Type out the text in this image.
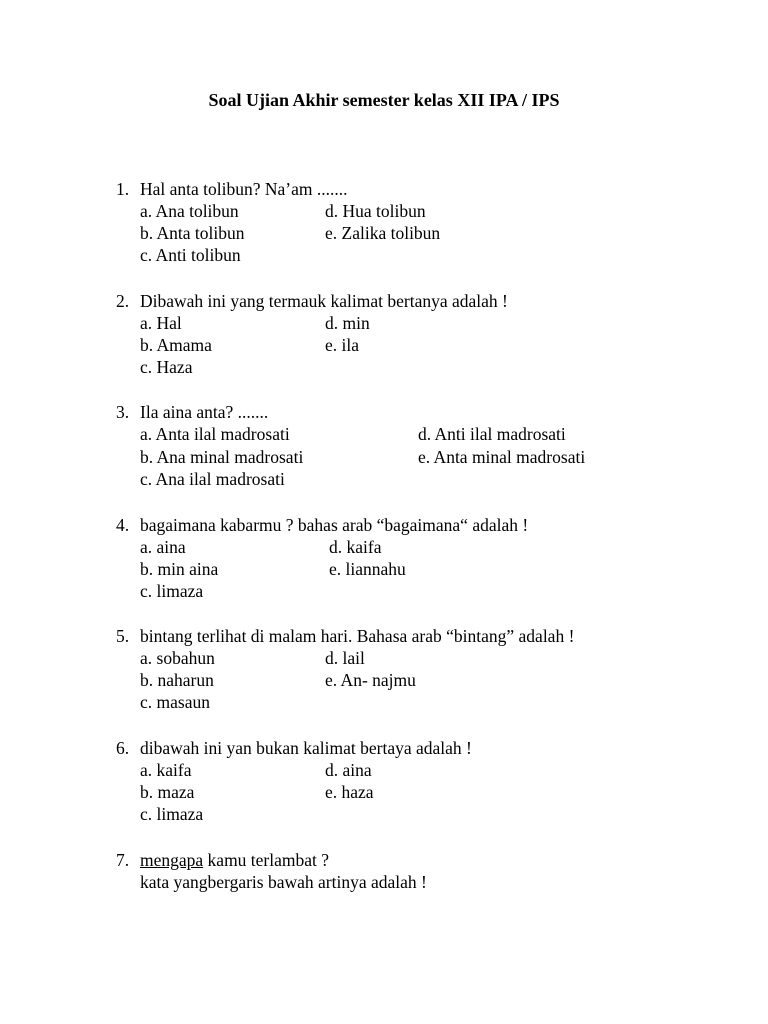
Soal Ujian Akhir semester kelas XII IPA / IPS
1. Hal anta tolibun? Na’am .......
a. Ana tolibun
b. Anta tolibun
c. Anti tolibun
d. Hua tolibun
e. Zalika tolibun
2. Dibawah ini yang termauk kalimat bertanya adalah !
a. Hal
b. Amama
c. Haza
d. min
e. ila
3. Ila aina anta? .......
a. Anta ilal madrosati
b. Ana minal madrosati
c. Ana ilal madrosati
d. Anti ilal madrosati
e. Anta minal madrosati
4. bagaimana kabarmu ? bahas arab “bagaimana“ adalah !
a. aina
b. min aina
c. limaza
d. kaifa
e. liannahu
5. bintang terlihat di malam hari. Bahasa arab “bintang” adalah !
a. sobahun
b. naharun
c. masaun
d. lail
e. An- najmu
6. dibawah ini yan bukan kalimat bertaya adalah !
a. kaifa
b. maza
c. limaza
d. aina
e. haza
7. mengapa kamu terlambat ?
kata yangbergaris bawah artinya adalah !
